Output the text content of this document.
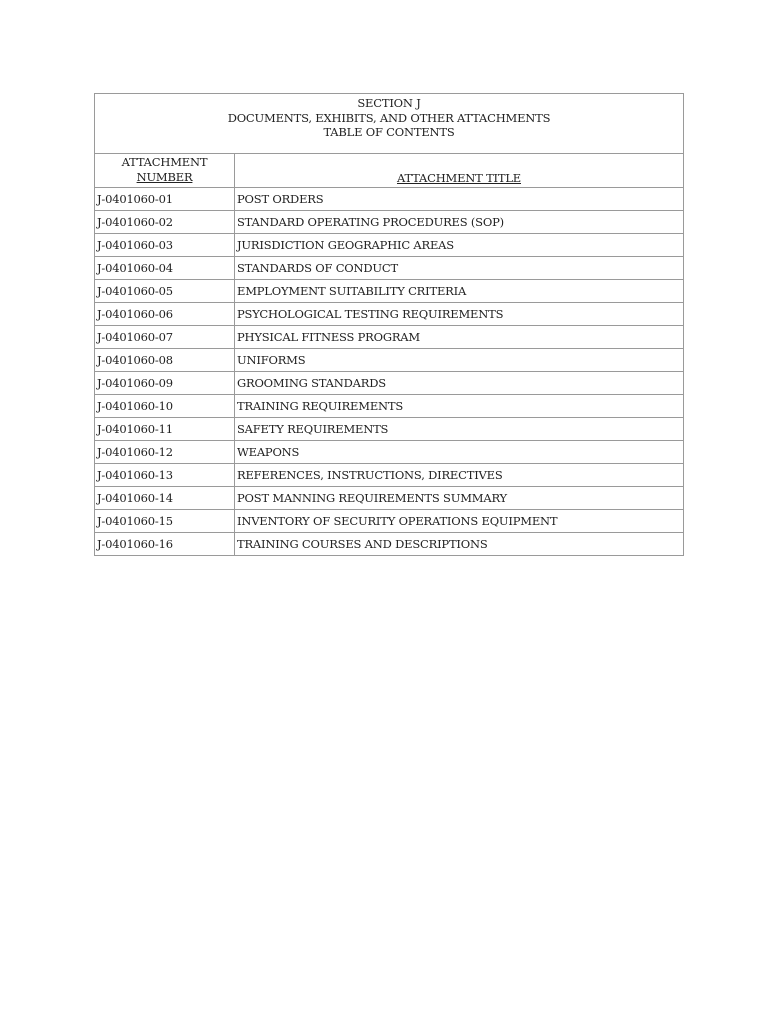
SECTION J
DOCUMENTS, EXHIBITS, AND OTHER ATTACHMENTS
TABLE OF CONTENTS	

ATTACHMENT
NUMBER	ATTACHMENT TITLE
J-0401060-01	POST ORDERS
J-0401060-02	STANDARD OPERATING PROCEDURES (SOP)
J-0401060-03	JURISDICTION GEOGRAPHIC AREAS
J-0401060-04	STANDARDS OF CONDUCT
J-0401060-05	EMPLOYMENT SUITABILITY CRITERIA
J-0401060-06	PSYCHOLOGICAL TESTING REQUIREMENTS
J-0401060-07	PHYSICAL FITNESS PROGRAM
J-0401060-08	UNIFORMS
J-0401060-09	GROOMING STANDARDS
J-0401060-10	TRAINING REQUIREMENTS
J-0401060-11	SAFETY REQUIREMENTS
J-0401060-12	WEAPONS
J-0401060-13	REFERENCES, INSTRUCTIONS, DIRECTIVES
J-0401060-14	POST MANNING REQUIREMENTS SUMMARY
J-0401060-15	INVENTORY OF SECURITY OPERATIONS EQUIPMENT
J-0401060-16	TRAINING COURSES AND DESCRIPTIONS
